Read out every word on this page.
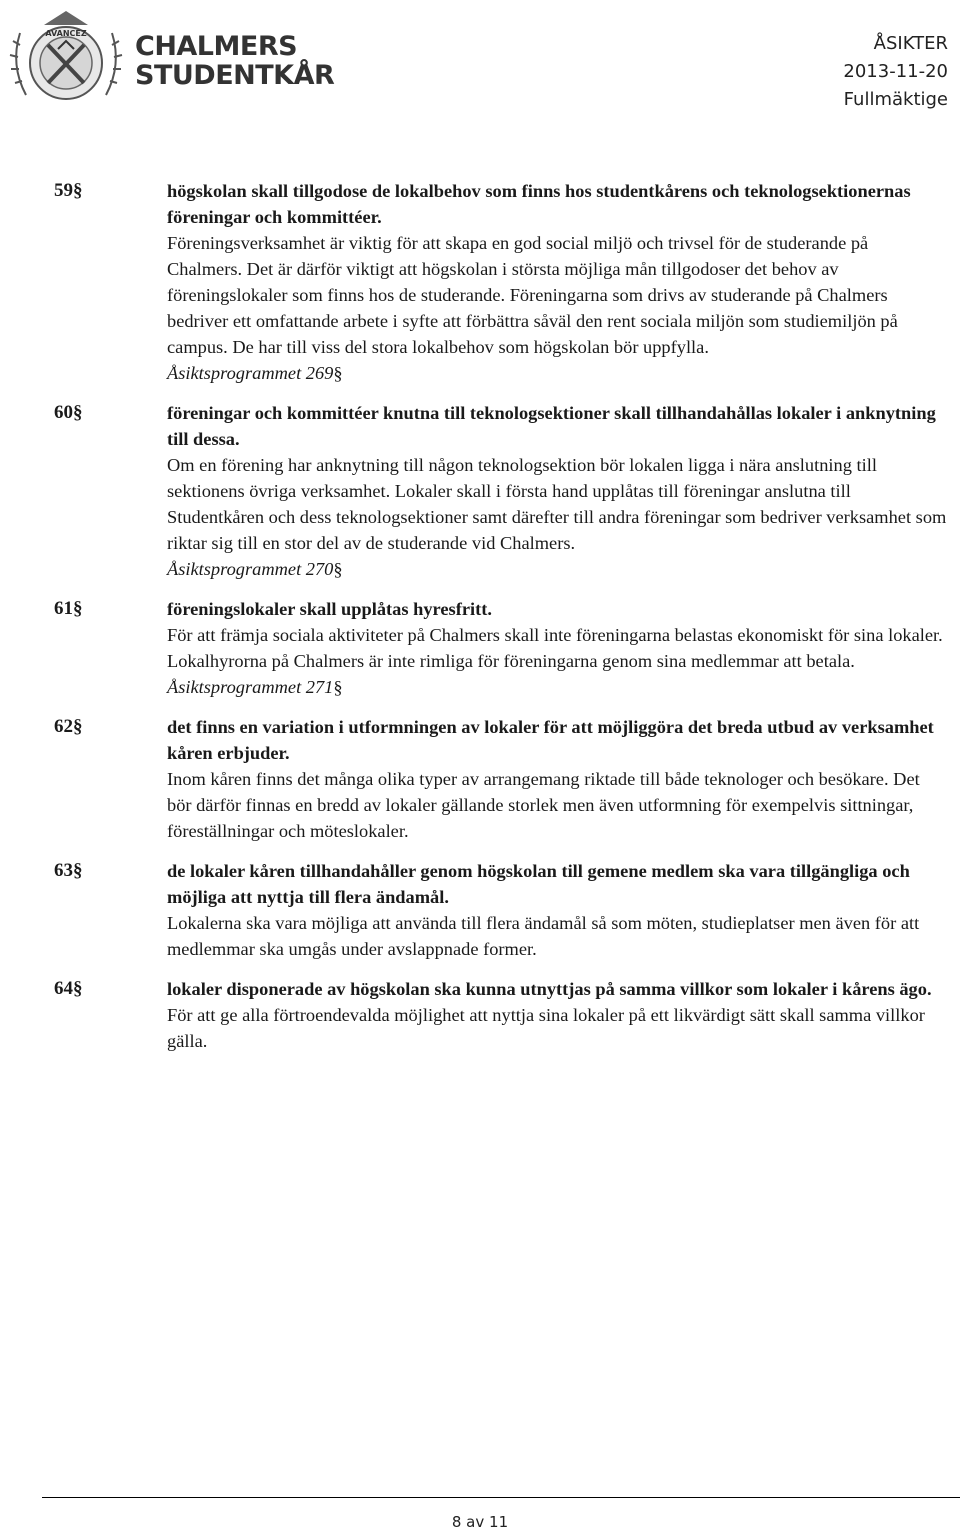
AVANCEZ CHALMERS
STUDENTKÅR
ÅSIKTER
2013-11-20
Fullmäktige
59§	högskolan skall tillgodose de lokalbehov som finns hos studentkårens och teknologsektionernas föreningar och kommittéer.
Föreningsverksamhet är viktig för att skapa en god social miljö och trivsel för de studerande på Chalmers. Det är därför viktigt att högskolan i största möjliga mån tillgodoser det behov av föreningslokaler som finns hos de studerande. Föreningarna som drivs av studerande på Chalmers bedriver ett omfattande arbete i syfte att förbättra såväl den rent sociala miljön som studiemiljön på campus. De har till viss del stora lokalbehov som högskolan bör uppfylla.
Åsiktsprogrammet 269§
60§	föreningar och kommittéer knutna till teknologsektioner skall tillhandahållas lokaler i anknytning till dessa.
Om en förening har anknytning till någon teknologsektion bör lokalen ligga i nära anslutning till sektionens övriga verksamhet. Lokaler skall i första hand upplåtas till föreningar anslutna till Studentkåren och dess teknologsektioner samt därefter till andra föreningar som bedriver verksamhet som riktar sig till en stor del av de studerande vid Chalmers.
Åsiktsprogrammet 270§
61§	föreningslokaler skall upplåtas hyresfritt.
För att främja sociala aktiviteter på Chalmers skall inte föreningarna belastas ekonomiskt för sina lokaler. Lokalhyrorna på Chalmers är inte rimliga för föreningarna genom sina medlemmar att betala.
Åsiktsprogrammet 271§
62§	det finns en variation i utformningen av lokaler för att möjliggöra det breda utbud av verksamhet kåren erbjuder.
Inom kåren finns det många olika typer av arrangemang riktade till både teknologer och besökare. Det bör därför finnas en bredd av lokaler gällande storlek men även utformning för exempelvis sittningar, föreställningar och möteslokaler.
63§	de lokaler kåren tillhandahåller genom högskolan till gemene medlem ska vara tillgängliga och möjliga att nyttja till flera ändamål.
Lokalerna ska vara möjliga att använda till flera ändamål så som möten, studieplatser men även för att medlemmar ska umgås under avslappnade former.
64§	lokaler disponerade av högskolan ska kunna utnyttjas på samma villkor som lokaler i kårens ägo.
För att ge alla förtroendevalda möjlighet att nyttja sina lokaler på ett likvärdigt sätt skall samma villkor gälla.
8 av 11
